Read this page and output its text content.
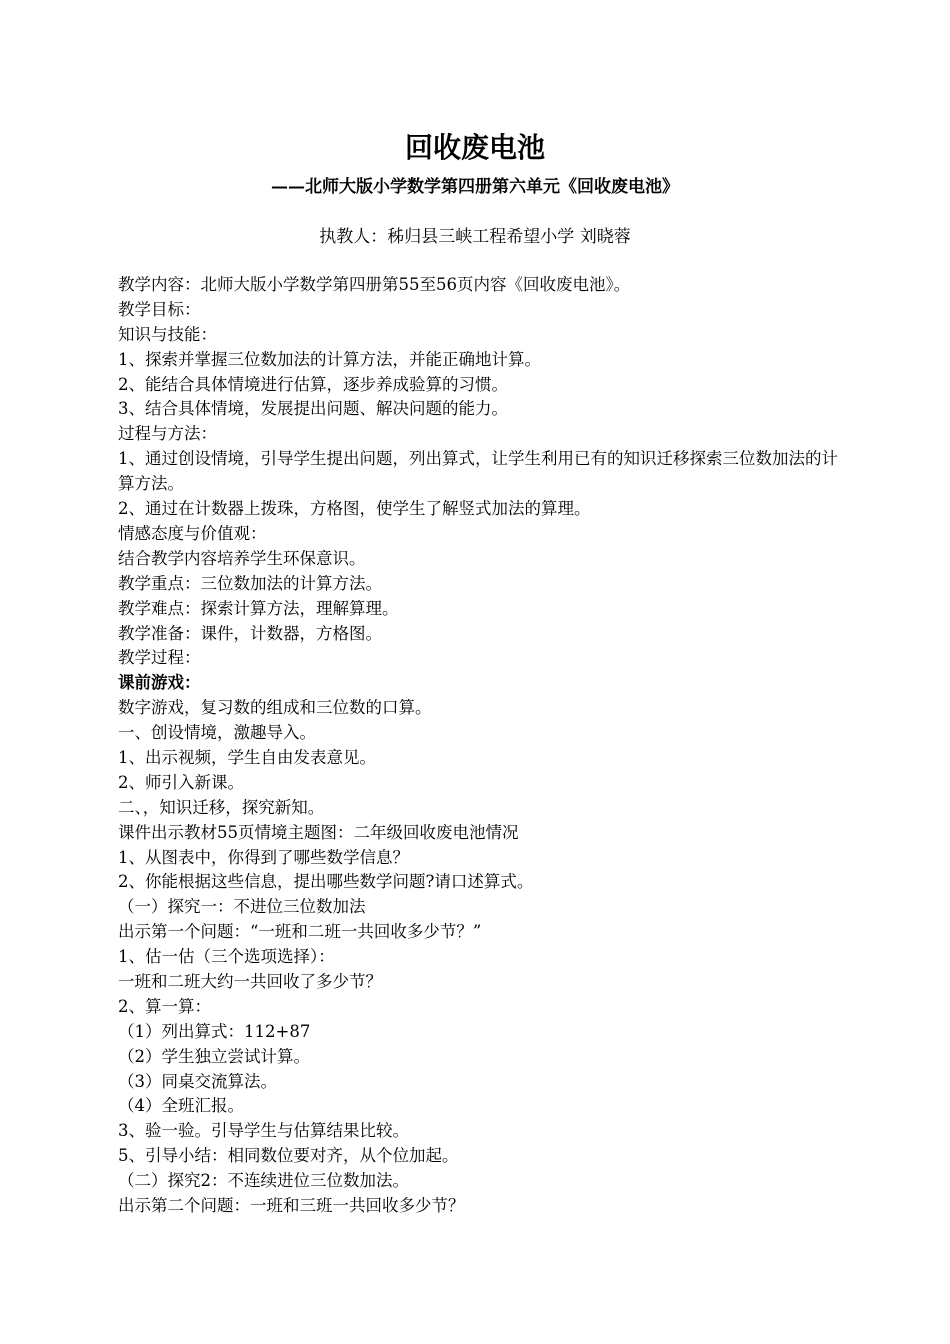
回收废电池
——北师大版小学数学第四册第六单元《回收废电池》
执教人：秭归县三峡工程希望小学 刘晓蓉
教学内容：北师大版小学数学第四册第55至56页内容《回收废电池》。
教学目标：
知识与技能：
1、探索并掌握三位数加法的计算方法，并能正确地计算。
2、能结合具体情境进行估算，逐步养成验算的习惯。
3、结合具体情境，发展提出问题、解决问题的能力。
过程与方法：
1、通过创设情境，引导学生提出问题，列出算式，让学生利用已有的知识迁移探索三位数加法的计算方法。
2、通过在计数器上拨珠，方格图，使学生了解竖式加法的算理。
情感态度与价值观：
结合教学内容培养学生环保意识。
教学重点：三位数加法的计算方法。
教学难点：探索计算方法，理解算理。
教学准备：课件，计数器，方格图。
教学过程：
课前游戏：
数字游戏，复习数的组成和三位数的口算。
一、创设情境，激趣导入。
1、出示视频，学生自由发表意见。
2、师引入新课。
二、，知识迁移，探究新知。
课件出示教材55页情境主题图：二年级回收废电池情况
1、从图表中，你得到了哪些数学信息？
2、你能根据这些信息，提出哪些数学问题?请口述算式。
（一）探究一：不进位三位数加法
出示第一个问题：“一班和二班一共回收多少节？”
1、估一估（三个选项选择）：
一班和二班大约一共回收了多少节？
2、算一算：
（1）列出算式：112+87
（2）学生独立尝试计算。
（3）同桌交流算法。
（4）全班汇报。
3、验一验。引导学生与估算结果比较。
5、引导小结：相同数位要对齐，从个位加起。
（二）探究2：不连续进位三位数加法。
出示第二个问题：一班和三班一共回收多少节？
